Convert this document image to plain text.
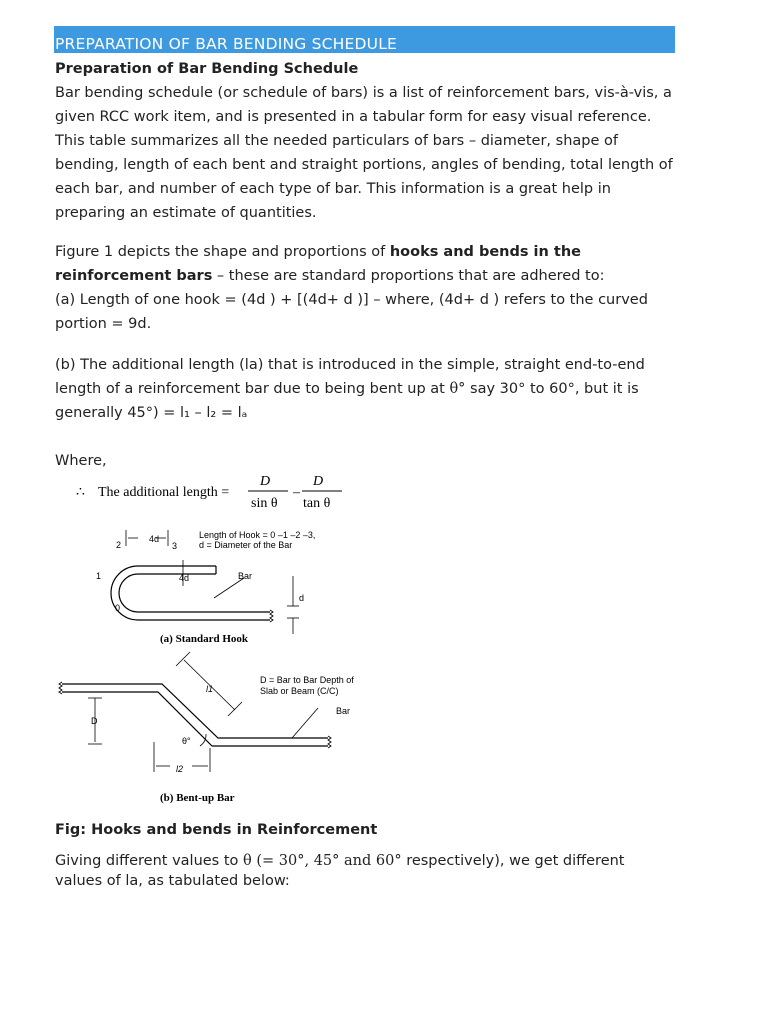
PREPARATION OF BAR BENDING SCHEDULE

Preparation of Bar Bending Schedule

Bar bending schedule (or schedule of bars) is a list of reinforcement bars, vis-à-vis, a given RCC work item, and is presented in a tabular form for easy visual reference. This table summarizes all the needed particulars of bars – diameter, shape of bending, length of each bent and straight portions, angles of bending, total length of each bar, and number of each type of bar. This information is a great help in preparing an estimate of quantities.

Figure 1 depicts the shape and proportions of hooks and bends in the reinforcement bars – these are standard proportions that are adhered to:
(a) Length of one hook = (4d ) + [(4d+ d )] – where, (4d+ d ) refers to the curved portion = 9d.

(b) The additional length (la) that is introduced in the simple, straight end-to-end length of a reinforcement bar due to being bent up at θ° say 30° to 60°, but it is generally 45°) = l₁ – l₂ = lₐ

Where,

∴ The additional length =
D
sin θ
–
D
tan θ
4d
2	3
1
0
4d	Bar
d
Length of Hook = 0 –1 –2 –3,
d = Diameter of the Bar
(a) Standard Hook
D
l1
l2
θ°
D = Bar to Bar Depth of
Slab or Beam (C/C)
Bar
(b) Bent-up Bar

Fig: Hooks and bends in Reinforcement

Giving different values to θ (= 30°, 45° and 60° respectively), we get different values of la, as tabulated below:
